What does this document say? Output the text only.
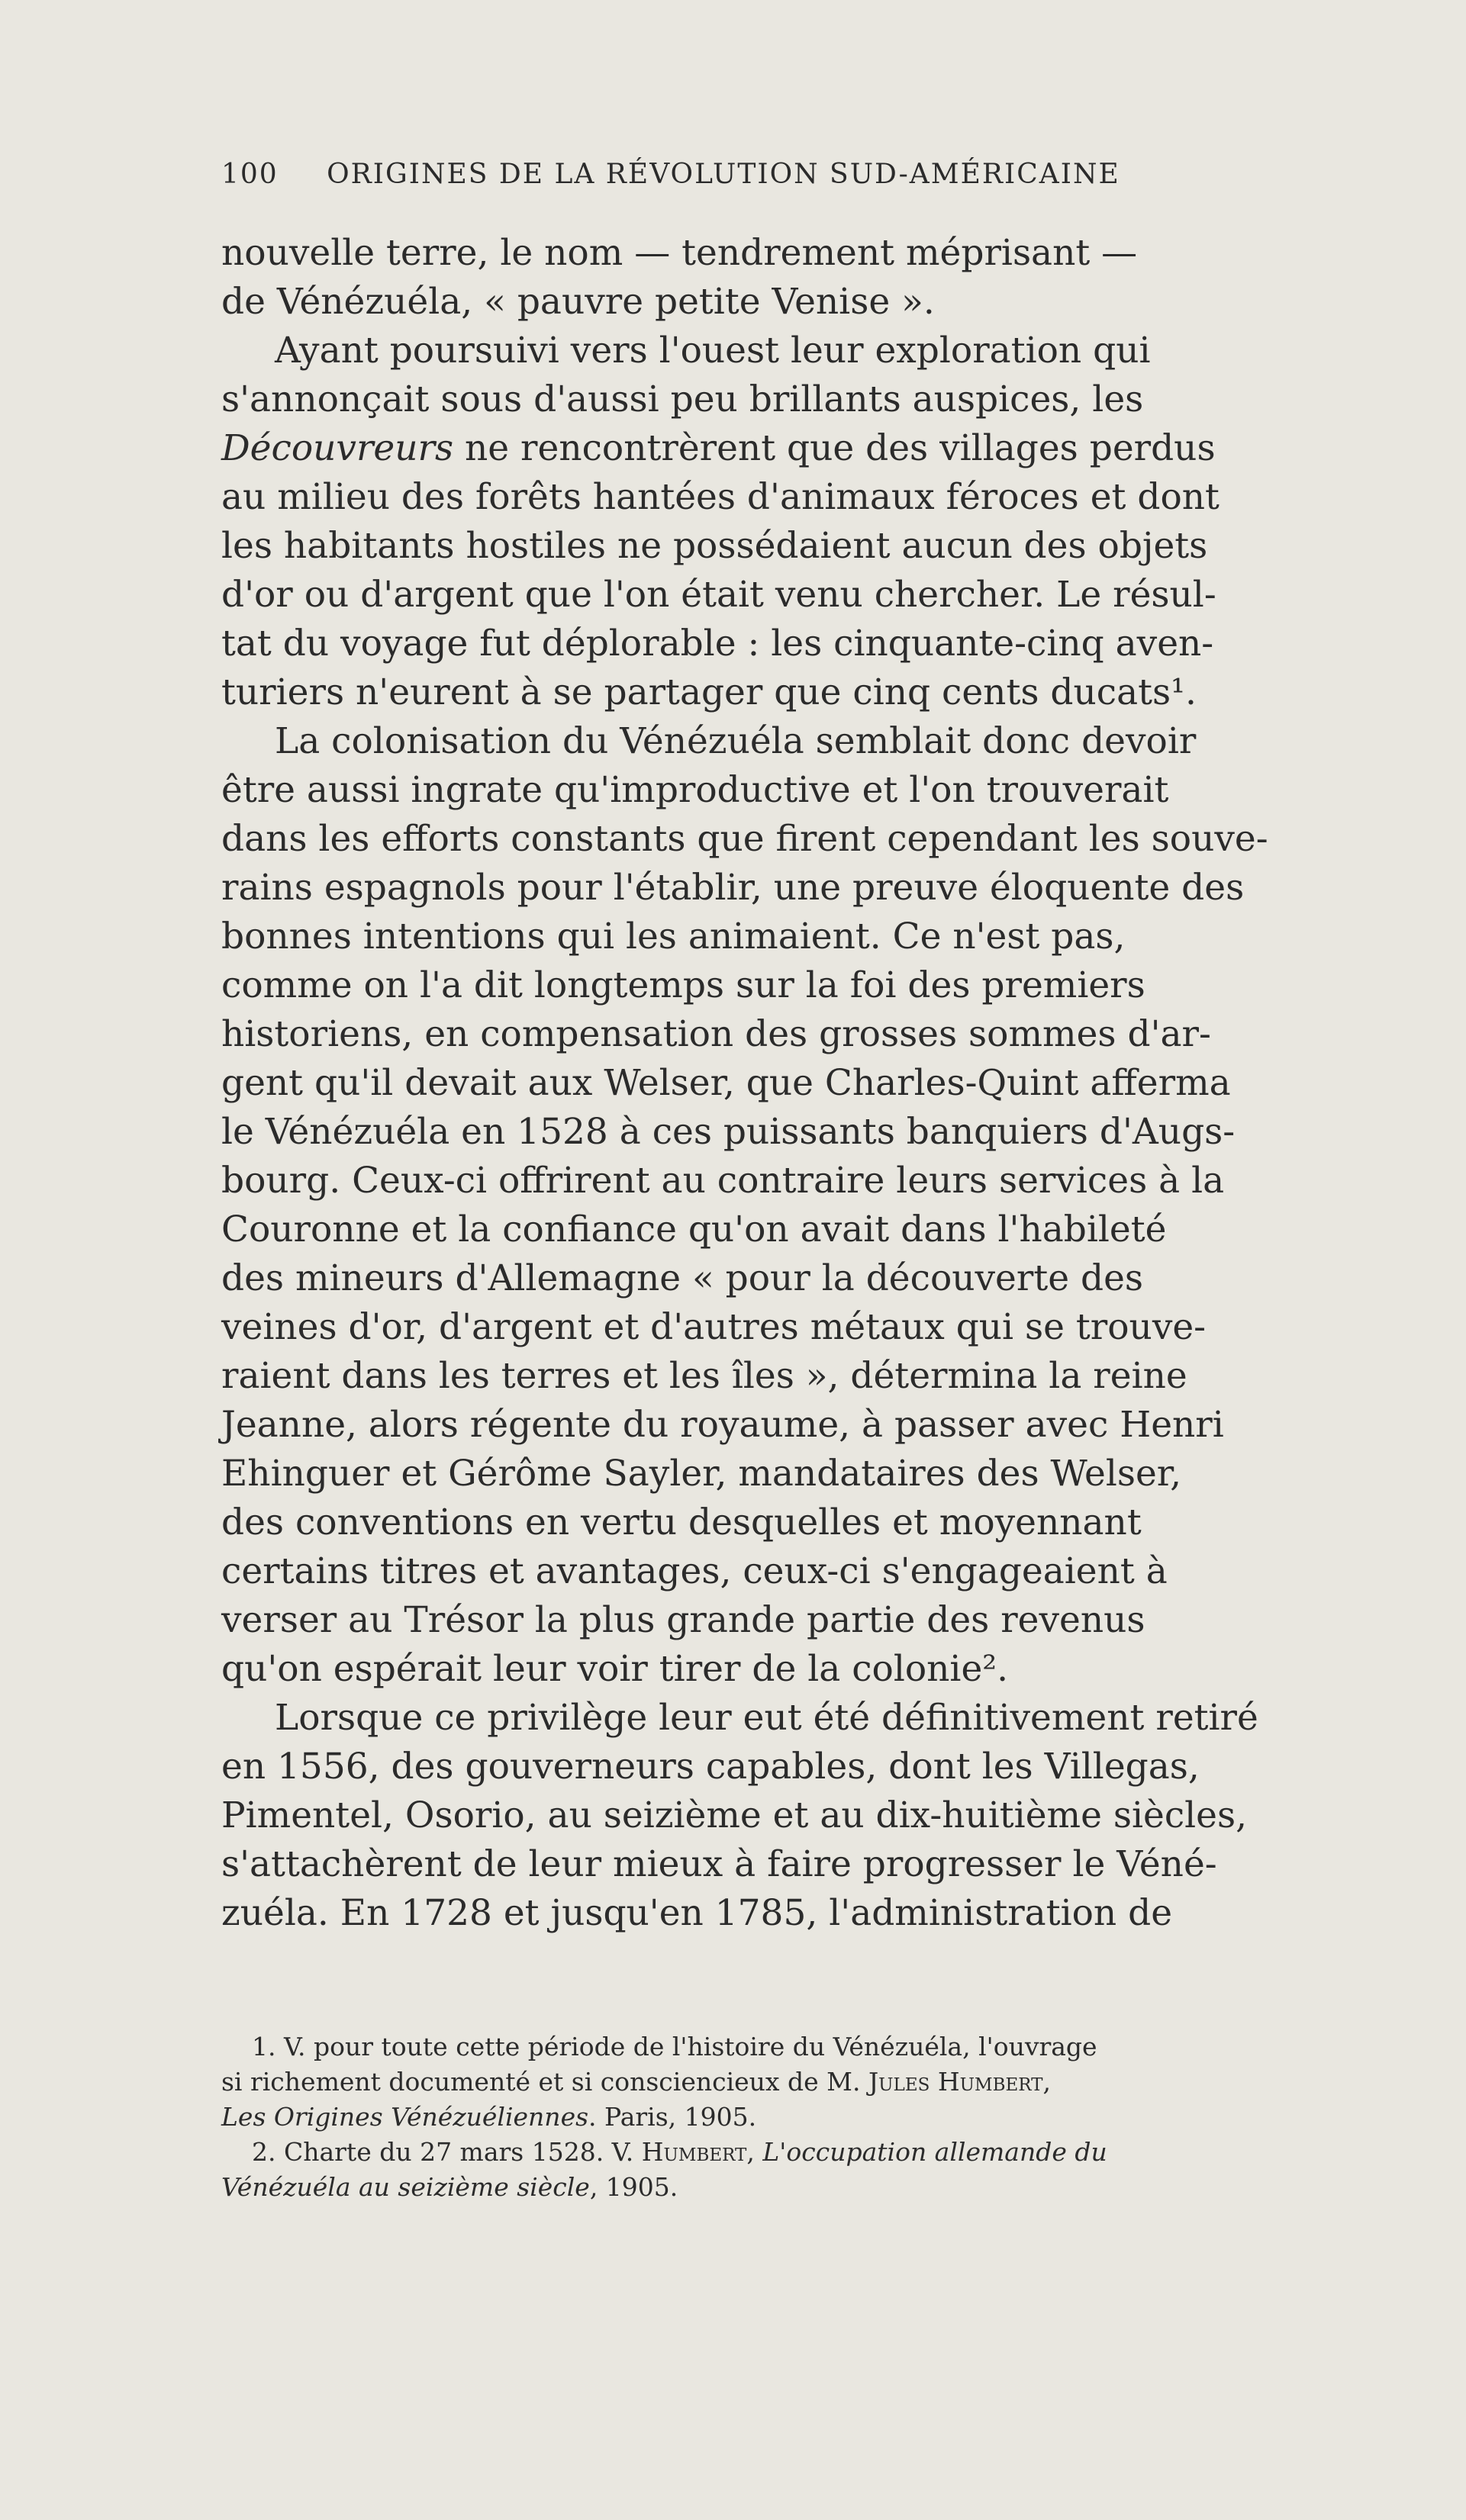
100 ORIGINES DE LA RÉVOLUTION SUD-AMÉRICAINE
nouvelle terre, le nom — tendrement méprisant —
de Vénézuéla, « pauvre petite Venise ».
Ayant poursuivi vers l'ouest leur exploration qui
s'annonçait sous d'aussi peu brillants auspices, les
Découvreurs ne rencontrèrent que des villages perdus
au milieu des forêts hantées d'animaux féroces et dont
les habitants hostiles ne possédaient aucun des objets
d'or ou d'argent que l'on était venu chercher. Le résul-
tat du voyage fut déplorable : les cinquante-cinq aven-
turiers n'eurent à se partager que cinq cents ducats¹.
La colonisation du Vénézuéla semblait donc devoir
être aussi ingrate qu'improductive et l'on trouverait
dans les efforts constants que firent cependant les souve-
rains espagnols pour l'établir, une preuve éloquente des
bonnes intentions qui les animaient. Ce n'est pas,
comme on l'a dit longtemps sur la foi des premiers
historiens, en compensation des grosses sommes d'ar-
gent qu'il devait aux Welser, que Charles-Quint afferma
le Vénézuéla en 1528 à ces puissants banquiers d'Augs-
bourg. Ceux-ci offrirent au contraire leurs services à la
Couronne et la confiance qu'on avait dans l'habileté
des mineurs d'Allemagne « pour la découverte des
veines d'or, d'argent et d'autres métaux qui se trouve-
raient dans les terres et les îles », détermina la reine
Jeanne, alors régente du royaume, à passer avec Henri
Ehinguer et Gérôme Sayler, mandataires des Welser,
des conventions en vertu desquelles et moyennant
certains titres et avantages, ceux-ci s'engageaient à
verser au Trésor la plus grande partie des revenus
qu'on espérait leur voir tirer de la colonie².
Lorsque ce privilège leur eut été définitivement retiré
en 1556, des gouverneurs capables, dont les Villegas,
Pimentel, Osorio, au seizième et au dix-huitième siècles,
s'attachèrent de leur mieux à faire progresser le Véné-
zuéla. En 1728 et jusqu'en 1785, l'administration de
1. V. pour toute cette période de l'histoire du Vénézuéla, l'ouvrage
si richement documenté et si consciencieux de M. Jules Humbert,
Les Origines Vénézuéliennes. Paris, 1905.
2. Charte du 27 mars 1528. V. Humbert, L'occupation allemande du
Vénézuéla au seizième siècle, 1905.
